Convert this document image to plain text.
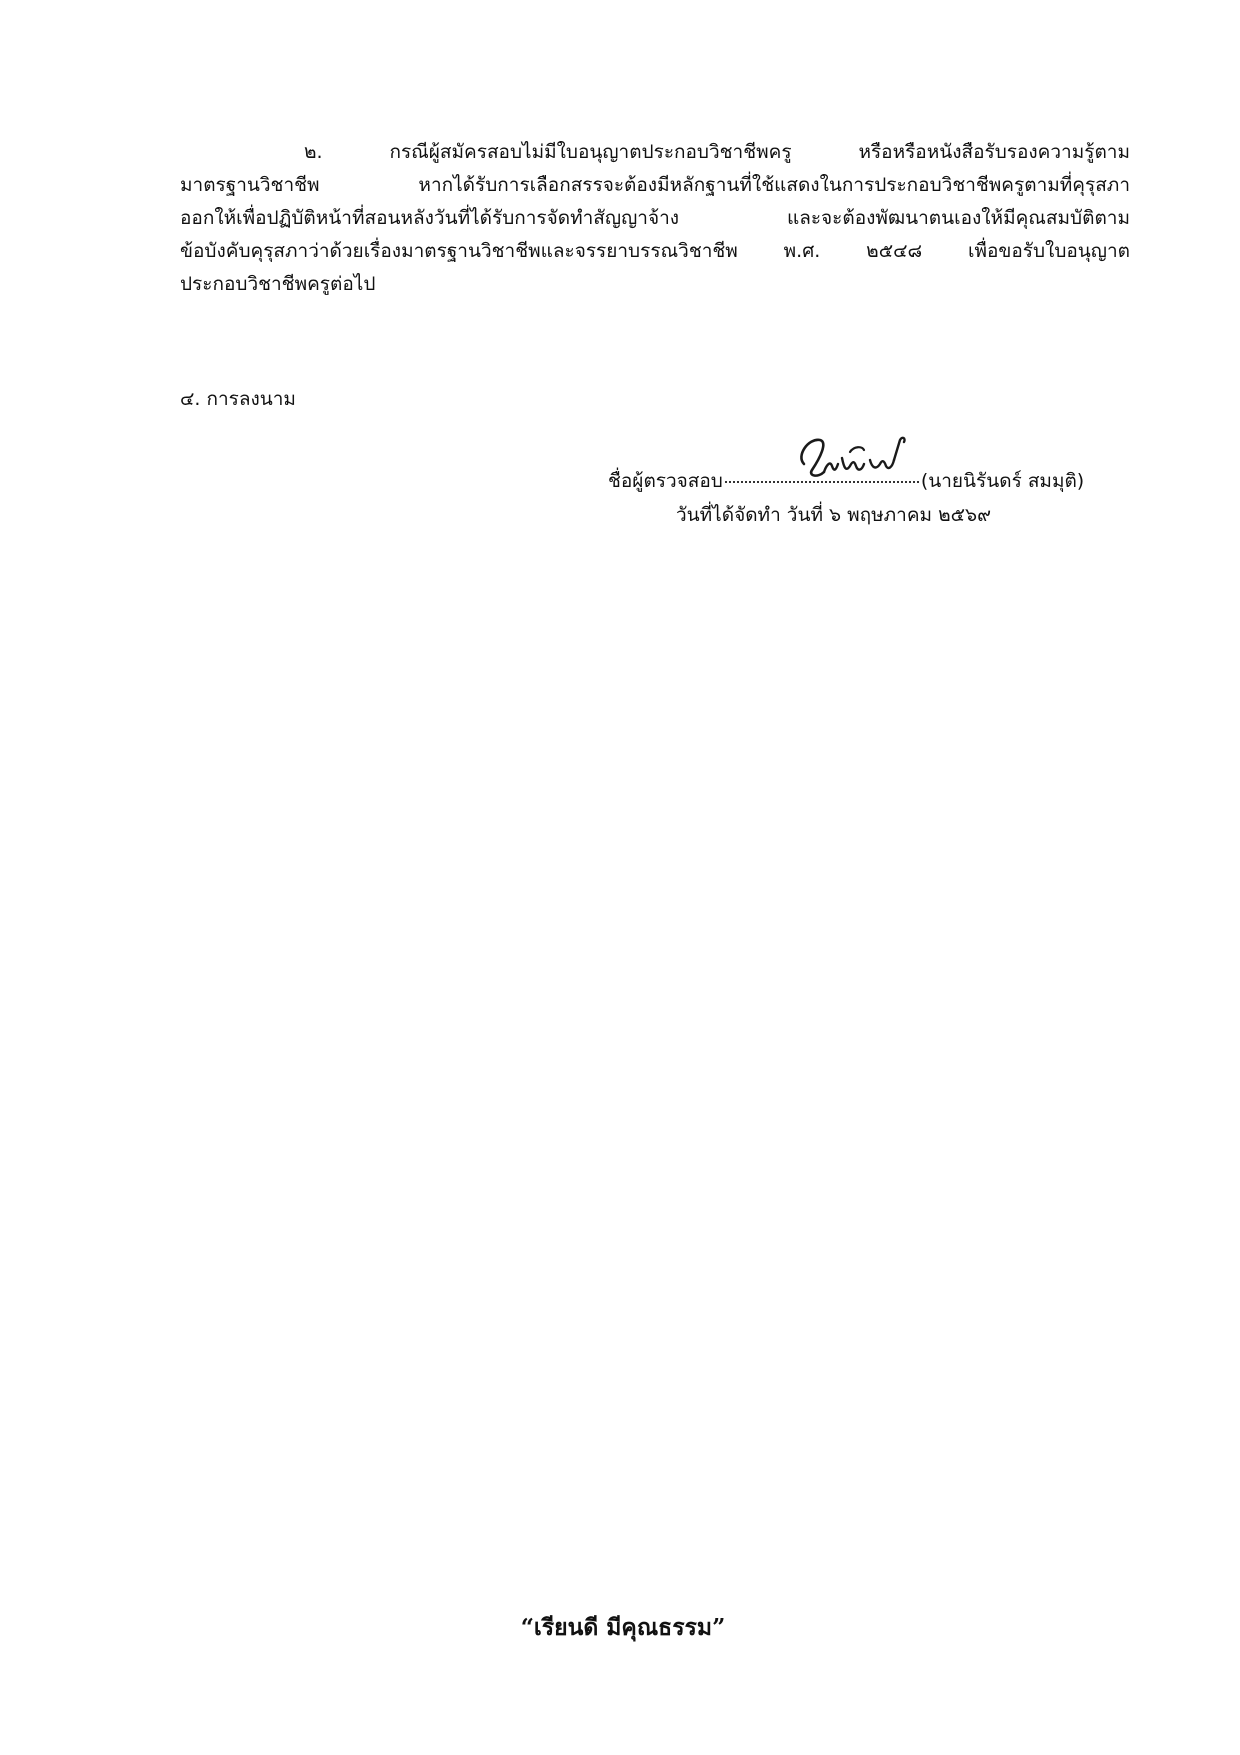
๒. กรณีผู้สมัครสอบไม่มีใบอนุญาตประกอบวิชาชีพครู หรือหรือหนังสือรับรองความรู้ตาม
มาตรฐานวิชาชีพ หากได้รับการเลือกสรรจะต้องมีหลักฐานที่ใช้แสดงในการประกอบวิชาชีพครูตามที่คุรุสภา
ออกให้เพื่อปฏิบัติหน้าที่สอนหลังวันที่ได้รับการจัดทำสัญญาจ้าง และจะต้องพัฒนาตนเองให้มีคุณสมบัติตาม
ข้อบังคับคุรุสภาว่าด้วยเรื่องมาตรฐานวิชาชีพและจรรยาบรรณวิชาชีพ พ.ศ. ๒๕๔๘ เพื่อขอรับใบอนุญาต
ประกอบวิชาชีพครูต่อไป
๔. การลงนาม
ชื่อผู้ตรวจสอบ	(นายนิรันดร์ สมมุติ)
วันที่ได้จัดทำ วันที่ ๖ พฤษภาคม ๒๕๖๙
“เรียนดี มีคุณธรรม”
